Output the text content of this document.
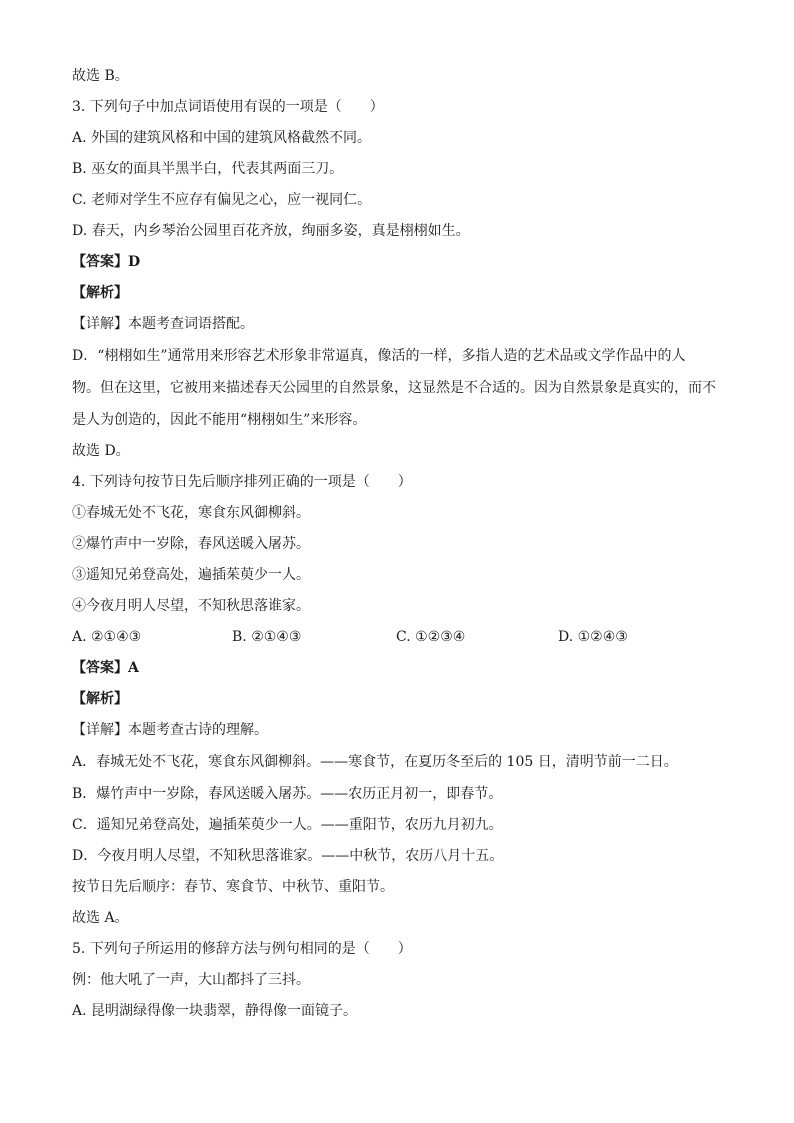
故选 B。
3. 下列句子中加点词语使用有误的一项是（　　）
A. 外国的建筑风格和中国的建筑风格截然不同。
B. 巫女的面具半黑半白，代表其两面三刀。
C. 老师对学生不应存有偏见之心，应一视同仁。
D. 春天，内乡琴治公园里百花齐放，绚丽多姿，真是栩栩如生。
【答案】D
【解析】
【详解】本题考查词语搭配。
D．“栩栩如生”通常用来形容艺术形象非常逼真，像活的一样，多指人造的艺术品或文学作品中的人
物。但在这里，它被用来描述春天公园里的自然景象，这显然是不合适的。因为自然景象是真实的，而不
是人为创造的，因此不能用“栩栩如生”来形容。
故选 D。
4. 下列诗句按节日先后顺序排列正确的一项是（　　）
①春城无处不飞花，寒食东风御柳斜。
②爆竹声中一岁除，春风送暖入屠苏。
③遥知兄弟登高处，遍插茱萸少一人。
④今夜月明人尽望，不知秋思落谁家。
A. ②①④③	B. ②①④③	C. ①②③④	D. ①②④③
【答案】A
【解析】
【详解】本题考查古诗的理解。
A．春城无处不飞花，寒食东风御柳斜。——寒食节，在夏历冬至后的 105 日，清明节前一二日。
B．爆竹声中一岁除，春风送暖入屠苏。——农历正月初一，即春节。
C．遥知兄弟登高处，遍插茱萸少一人。——重阳节，农历九月初九。
D．今夜月明人尽望，不知秋思落谁家。——中秋节，农历八月十五。
按节日先后顺序：春节、寒食节、中秋节、重阳节。
故选 A。
5. 下列句子所运用的修辞方法与例句相同的是（　　）
例：他大吼了一声，大山都抖了三抖。
A. 昆明湖绿得像一块翡翠，静得像一面镜子。
